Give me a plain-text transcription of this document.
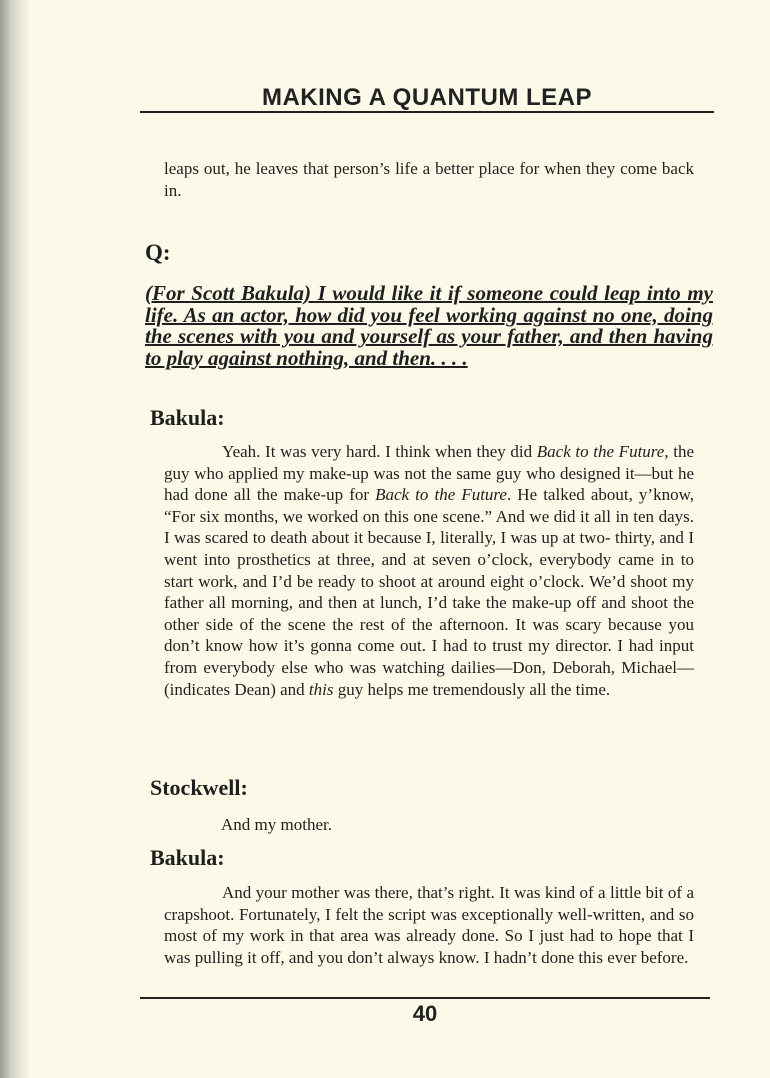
MAKING A QUANTUM LEAP

leaps out, he leaves that person’s life a better place for when they come back in.

Q:

(For Scott Bakula) I would like it if someone could leap into my life. As an actor, how did you feel working against no one, doing the scenes with you and yourself as your father, and then having to play against nothing, and then. . . .

Bakula:

Yeah. It was very hard. I think when they did Back to the Future, the guy who applied my make-up was not the same guy who designed it—but he had done all the make-up for Back to the Future. He talked about, y’know, “For six months, we worked on this one scene.” And we did it all in ten days. I was scared to death about it because I, literally, I was up at two- thirty, and I went into prosthetics at three, and at seven o’clock, everybody came in to start work, and I’d be ready to shoot at around eight o’clock. We’d shoot my father all morning, and then at lunch, I’d take the make-up off and shoot the other side of the scene the rest of the afternoon. It was scary because you don’t know how it’s gonna come out. I had to trust my director. I had input from everybody else who was watching dailies—Don, Deborah, Michael—(indicates Dean) and this guy helps me tremendously all the time.

Stockwell:

And my mother.

Bakula:

And your mother was there, that’s right. It was kind of a little bit of a crapshoot. Fortunately, I felt the script was exceptionally well-written, and so most of my work in that area was already done. So I just had to hope that I was pulling it off, and you don’t always know. I hadn’t done this ever before.

40
